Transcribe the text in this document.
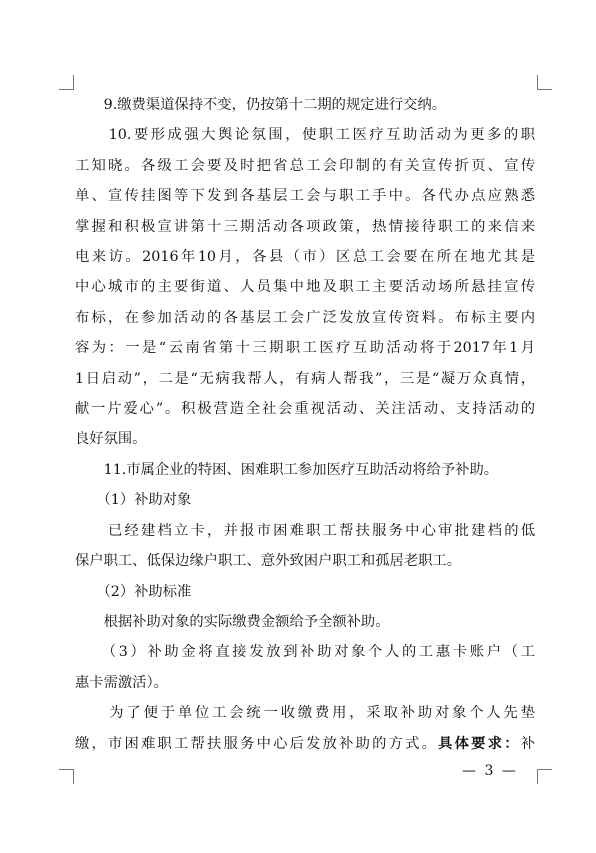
　　9.缴费渠道保持不变，仍按第十二期的规定进行交纳。
　　10.要形成强大舆论氛围，使职工医疗互助活动为更多的职
工知晓。各级工会要及时把省总工会印制的有关宣传折页、宣传
单、宣传挂图等下发到各基层工会与职工手中。各代办点应熟悉
掌握和积极宣讲第十三期活动各项政策，热情接待职工的来信来
电来访。2016年10月，各县（市）区总工会要在所在地尤其是
中心城市的主要街道、人员集中地及职工主要活动场所悬挂宣传
布标，在参加活动的各基层工会广泛发放宣传资料。布标主要内
容为：一是“云南省第十三期职工医疗互助活动将于2017年1月
1日启动”，二是“无病我帮人，有病人帮我”，三是“凝万众真情，
献一片爱心”。积极营造全社会重视活动、关注活动、支持活动的
良好氛围。
　　11.市属企业的特困、困难职工参加医疗互助活动将给予补助。
　　（1）补助对象
　　已经建档立卡，并报市困难职工帮扶服务中心审批建档的低
保户职工、低保边缘户职工、意外致困户职工和孤居老职工。
　　（2）补助标准
　　根据补助对象的实际缴费金额给予全额补助。
　　（3）补助金将直接发放到补助对象个人的工惠卡账户（工
惠卡需激活）。
　　为了便于单位工会统一收缴费用，采取补助对象个人先垫
缴，市困难职工帮扶服务中心后发放补助的方式。具体要求：补
— 3 —
